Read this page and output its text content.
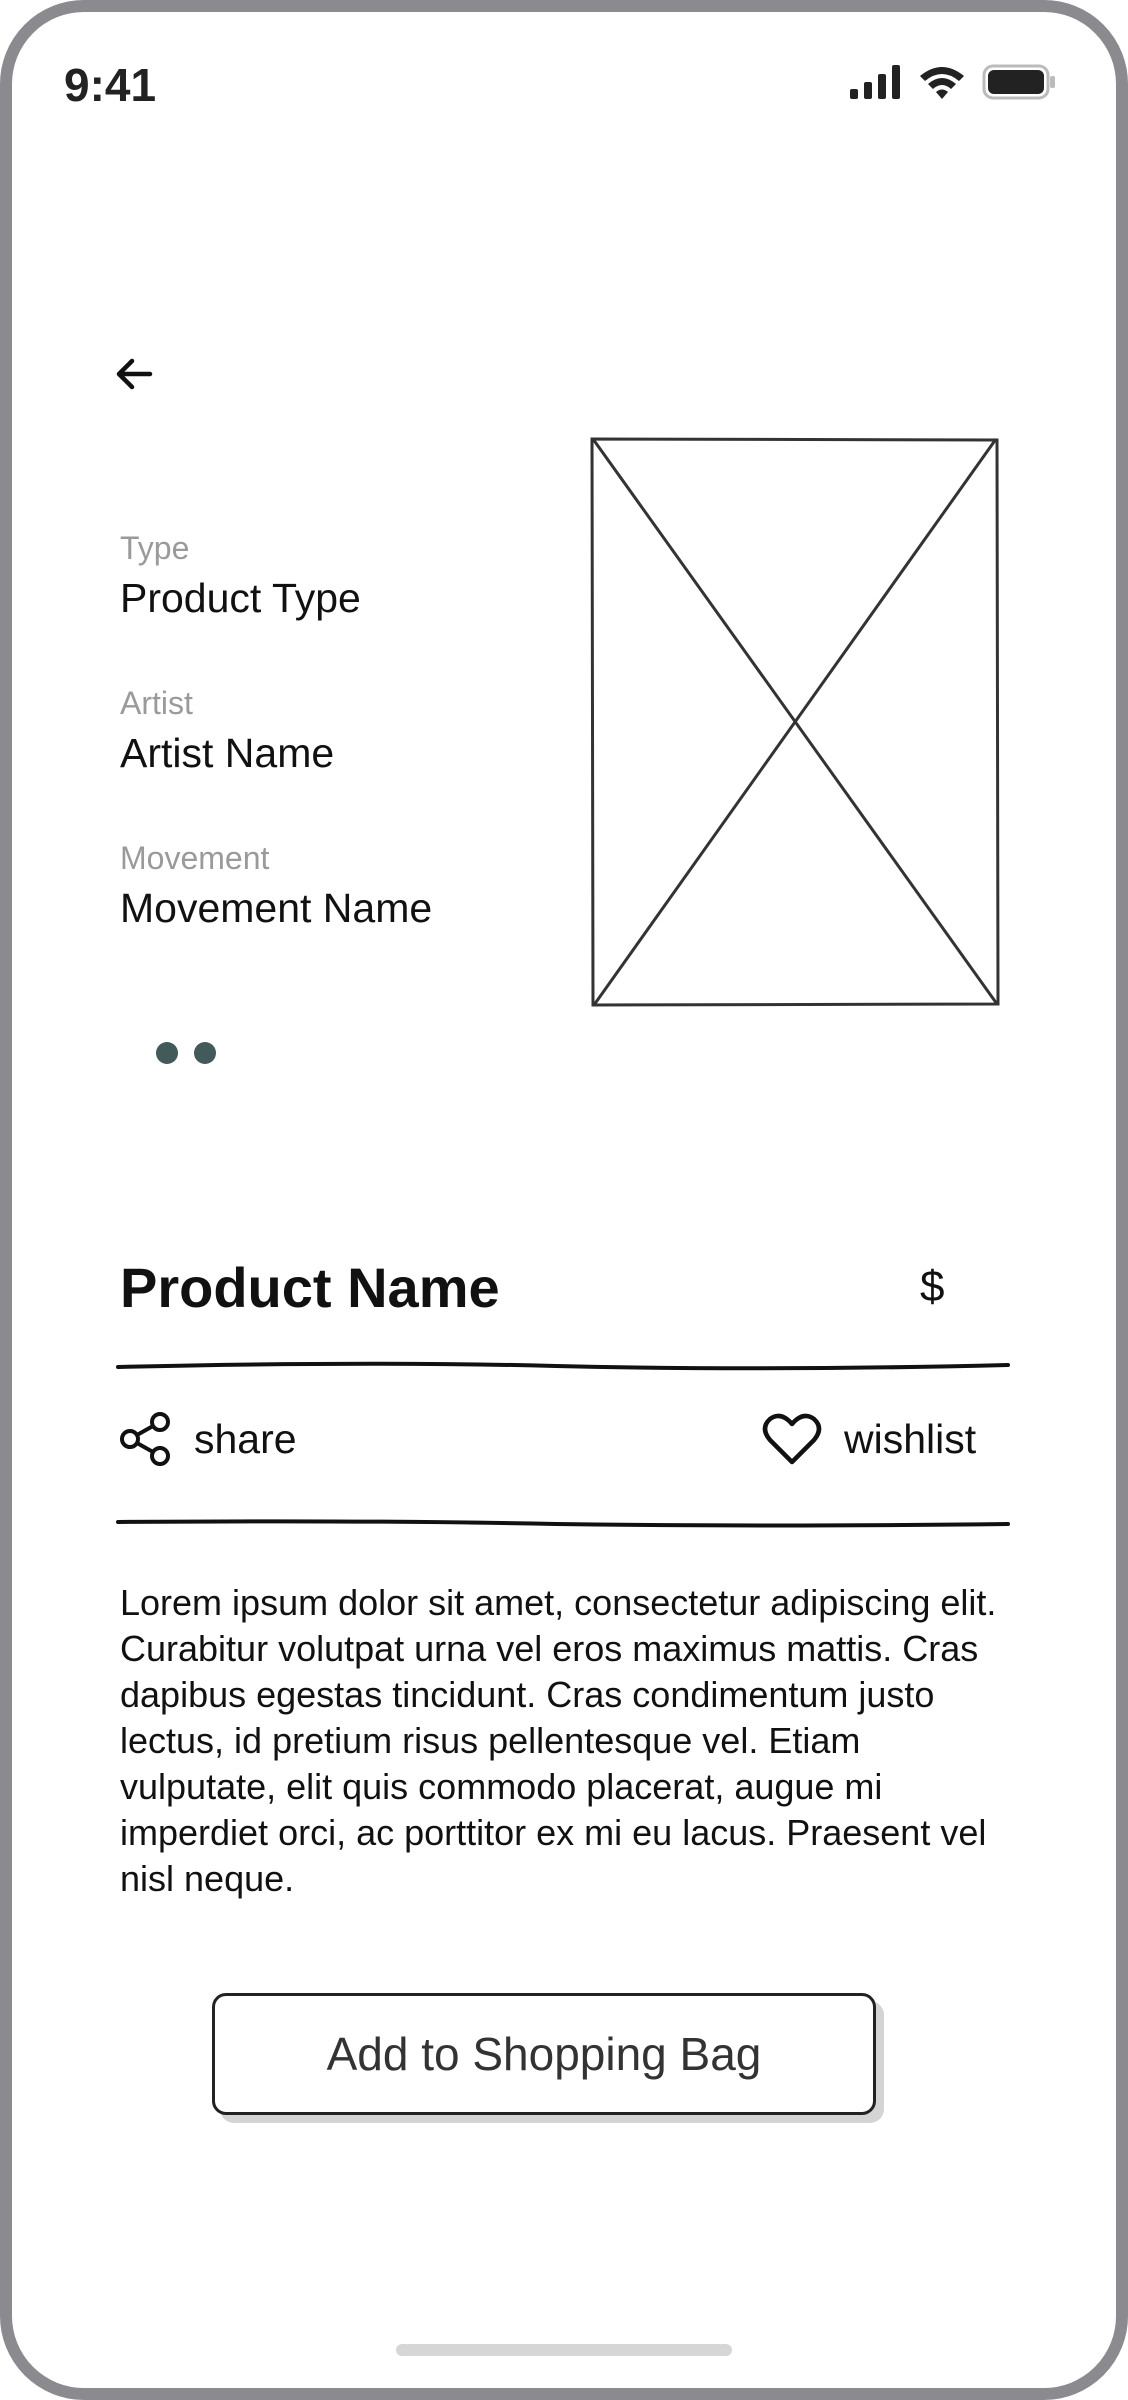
9:41

Type

Product Type

Artist

Artist Name

Movement

Movement Name

Product Name	$
share	wishlist

Lorem ipsum dolor sit amet, consectetur adipiscing elit. Curabitur volutpat urna vel eros maximus mattis. Cras dapibus egestas tincidunt. Cras condimentum justo lectus, id pretium risus pellentesque vel. Etiam vulputate, elit quis commodo placerat, augue mi imperdiet orci, ac porttitor ex mi eu lacus. Praesent vel nisl neque.

Add to Shopping Bag
